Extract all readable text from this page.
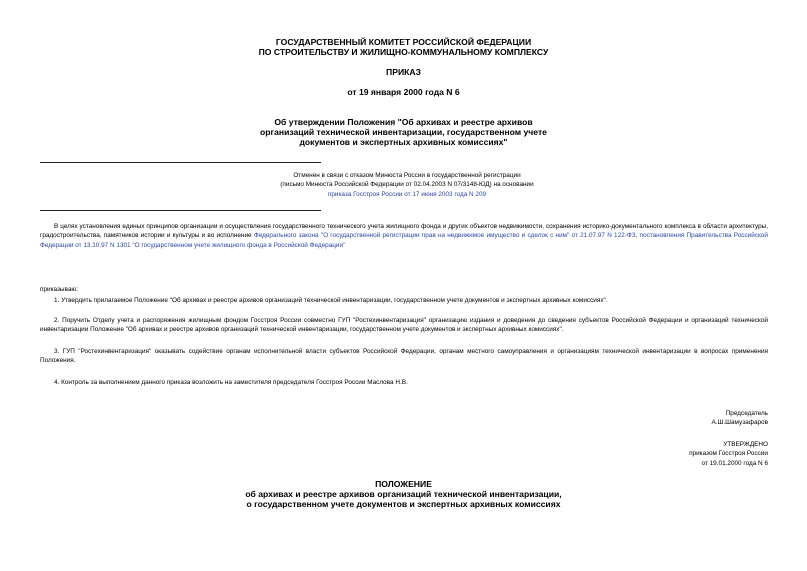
ГОСУДАРСТВЕННЫЙ КОМИТЕТ РОССИЙСКОЙ ФЕДЕРАЦИИ
ПО СТРОИТЕЛЬСТВУ И ЖИЛИЩНО-КОММУНАЛЬНОМУ КОМПЛЕКСУ
ПРИКАЗ
от 19 января 2000 года N 6
Об утверждении Положения "Об архивах и реестре архивов
организаций технической инвентаризации, государственном учете
документов и экспертных архивных комиссиях"
Отменен в связи с отказом Минюста России в государственной регистрации
(письмо Минюста Российской Федерации от 02.04.2003 N 07/3148-ЮД) на основании
приказа Госстроя России от 17 июня 2003 года N 209
В целях установления единых принципов организации и осуществления государственного технического учета жилищного фонда и других объектов недвижимости, сохранения историко-документального комплекса в области архитектуры, градостроительства, памятников истории и культуры и во исполнение Федерального закона "О государственной регистрации прав на недвижимое имущество и сделок с ним" от 21.07.97 N 122-ФЗ, постановления Правительства Российской Федерации от 13.10.97 N 1301 "О государственном учете жилищного фонда в Российской Федерации"
приказываю:
1. Утвердить прилагаемое Положение "Об архивах и реестре архивов организаций технической инвентаризации, государственном учете документов и экспертных архивных комиссиях".
2. Поручить Отделу учета и распоряжения жилищным фондом Госстроя России совместно ГУП "Ростехинвентаризация" организацию издания и доведения до сведения субъектов Российской Федерации и организаций технической инвентаризации Положение "Об архивах и реестре архивов организаций технической инвентаризации, государственном учете документов и экспертных архивных комиссиях".
3. ГУП "Ростехинвентаризация" оказывать содействие органам исполнительной власти субъектов Российской Федерации, органам местного самоуправления и организациям технической инвентаризации в вопросах применения Положения.
4. Контроль за выполнением данного приказа возложить на заместителя председателя Госстроя России Маслова Н.В.
Председатель
А.Ш.Шамузафаров
УТВЕРЖДЕНО
приказом Госстроя России
от 19.01.2000 года N 6
ПОЛОЖЕНИЕ
об архивах и реестре архивов организаций технической инвентаризации,
о государственном учете документов и экспертных архивных комиссиях
